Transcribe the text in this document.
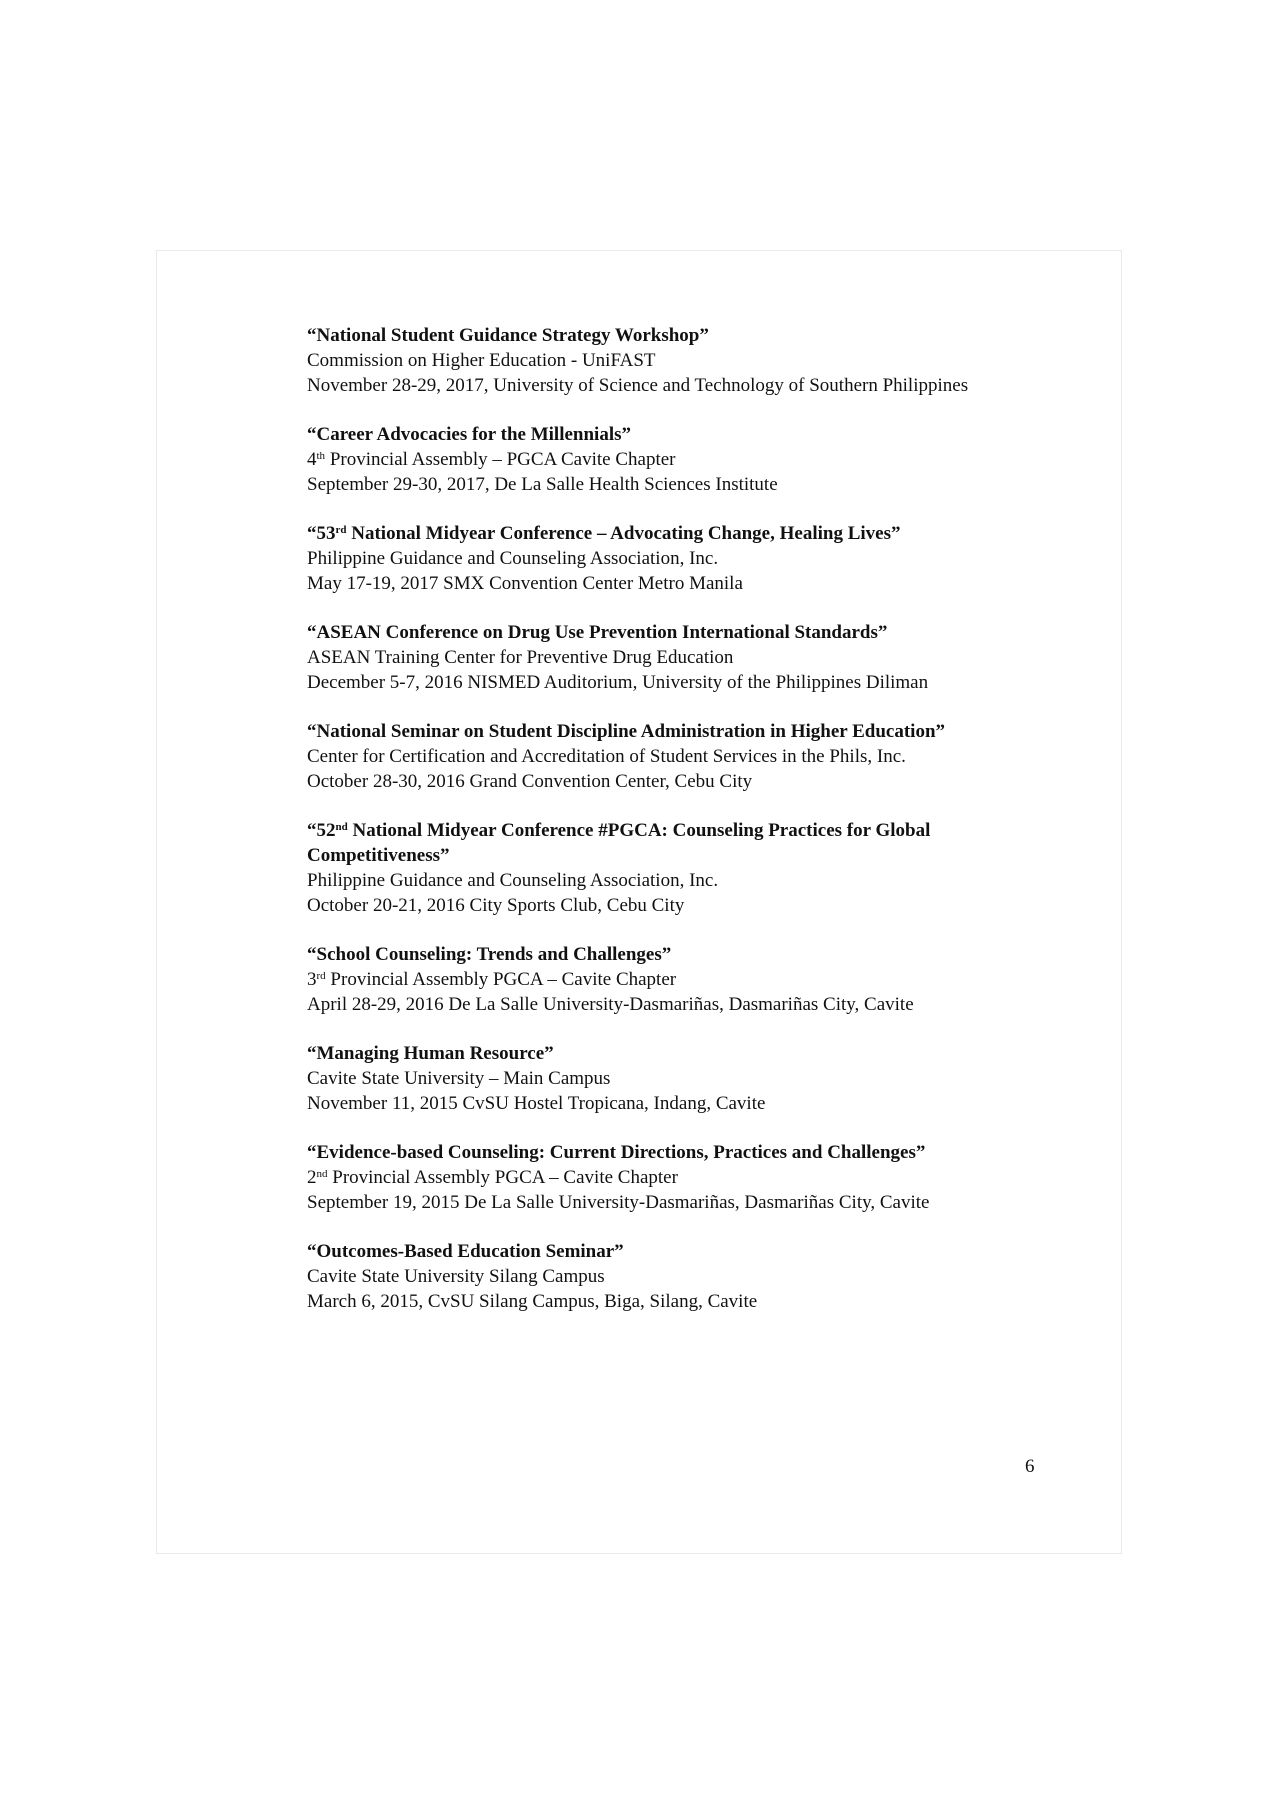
“National Student Guidance Strategy Workshop”
Commission on Higher Education - UniFAST
November 28-29, 2017, University of Science and Technology of Southern Philippines
“Career Advocacies for the Millennials”
4th Provincial Assembly – PGCA Cavite Chapter
September 29-30, 2017, De La Salle Health Sciences Institute
“53rd National Midyear Conference – Advocating Change, Healing Lives”
Philippine Guidance and Counseling Association, Inc.
May 17-19, 2017 SMX Convention Center Metro Manila
“ASEAN Conference on Drug Use Prevention International Standards”
ASEAN Training Center for Preventive Drug Education
December 5-7, 2016 NISMED Auditorium, University of the Philippines Diliman
“National Seminar on Student Discipline Administration in Higher Education”
Center for Certification and Accreditation of Student Services in the Phils, Inc.
October 28-30, 2016 Grand Convention Center, Cebu City
“52nd National Midyear Conference #PGCA: Counseling Practices for Global
Competitiveness”
Philippine Guidance and Counseling Association, Inc.
October 20-21, 2016 City Sports Club, Cebu City
“School Counseling: Trends and Challenges”
3rd Provincial Assembly PGCA – Cavite Chapter
April 28-29, 2016 De La Salle University-Dasmariñas, Dasmariñas City, Cavite
“Managing Human Resource”
Cavite State University – Main Campus
November 11, 2015 CvSU Hostel Tropicana, Indang, Cavite
“Evidence-based Counseling: Current Directions, Practices and Challenges”
2nd Provincial Assembly PGCA – Cavite Chapter
September 19, 2015 De La Salle University-Dasmariñas, Dasmariñas City, Cavite
“Outcomes-Based Education Seminar”
Cavite State University Silang Campus
March 6, 2015, CvSU Silang Campus, Biga, Silang, Cavite
6
